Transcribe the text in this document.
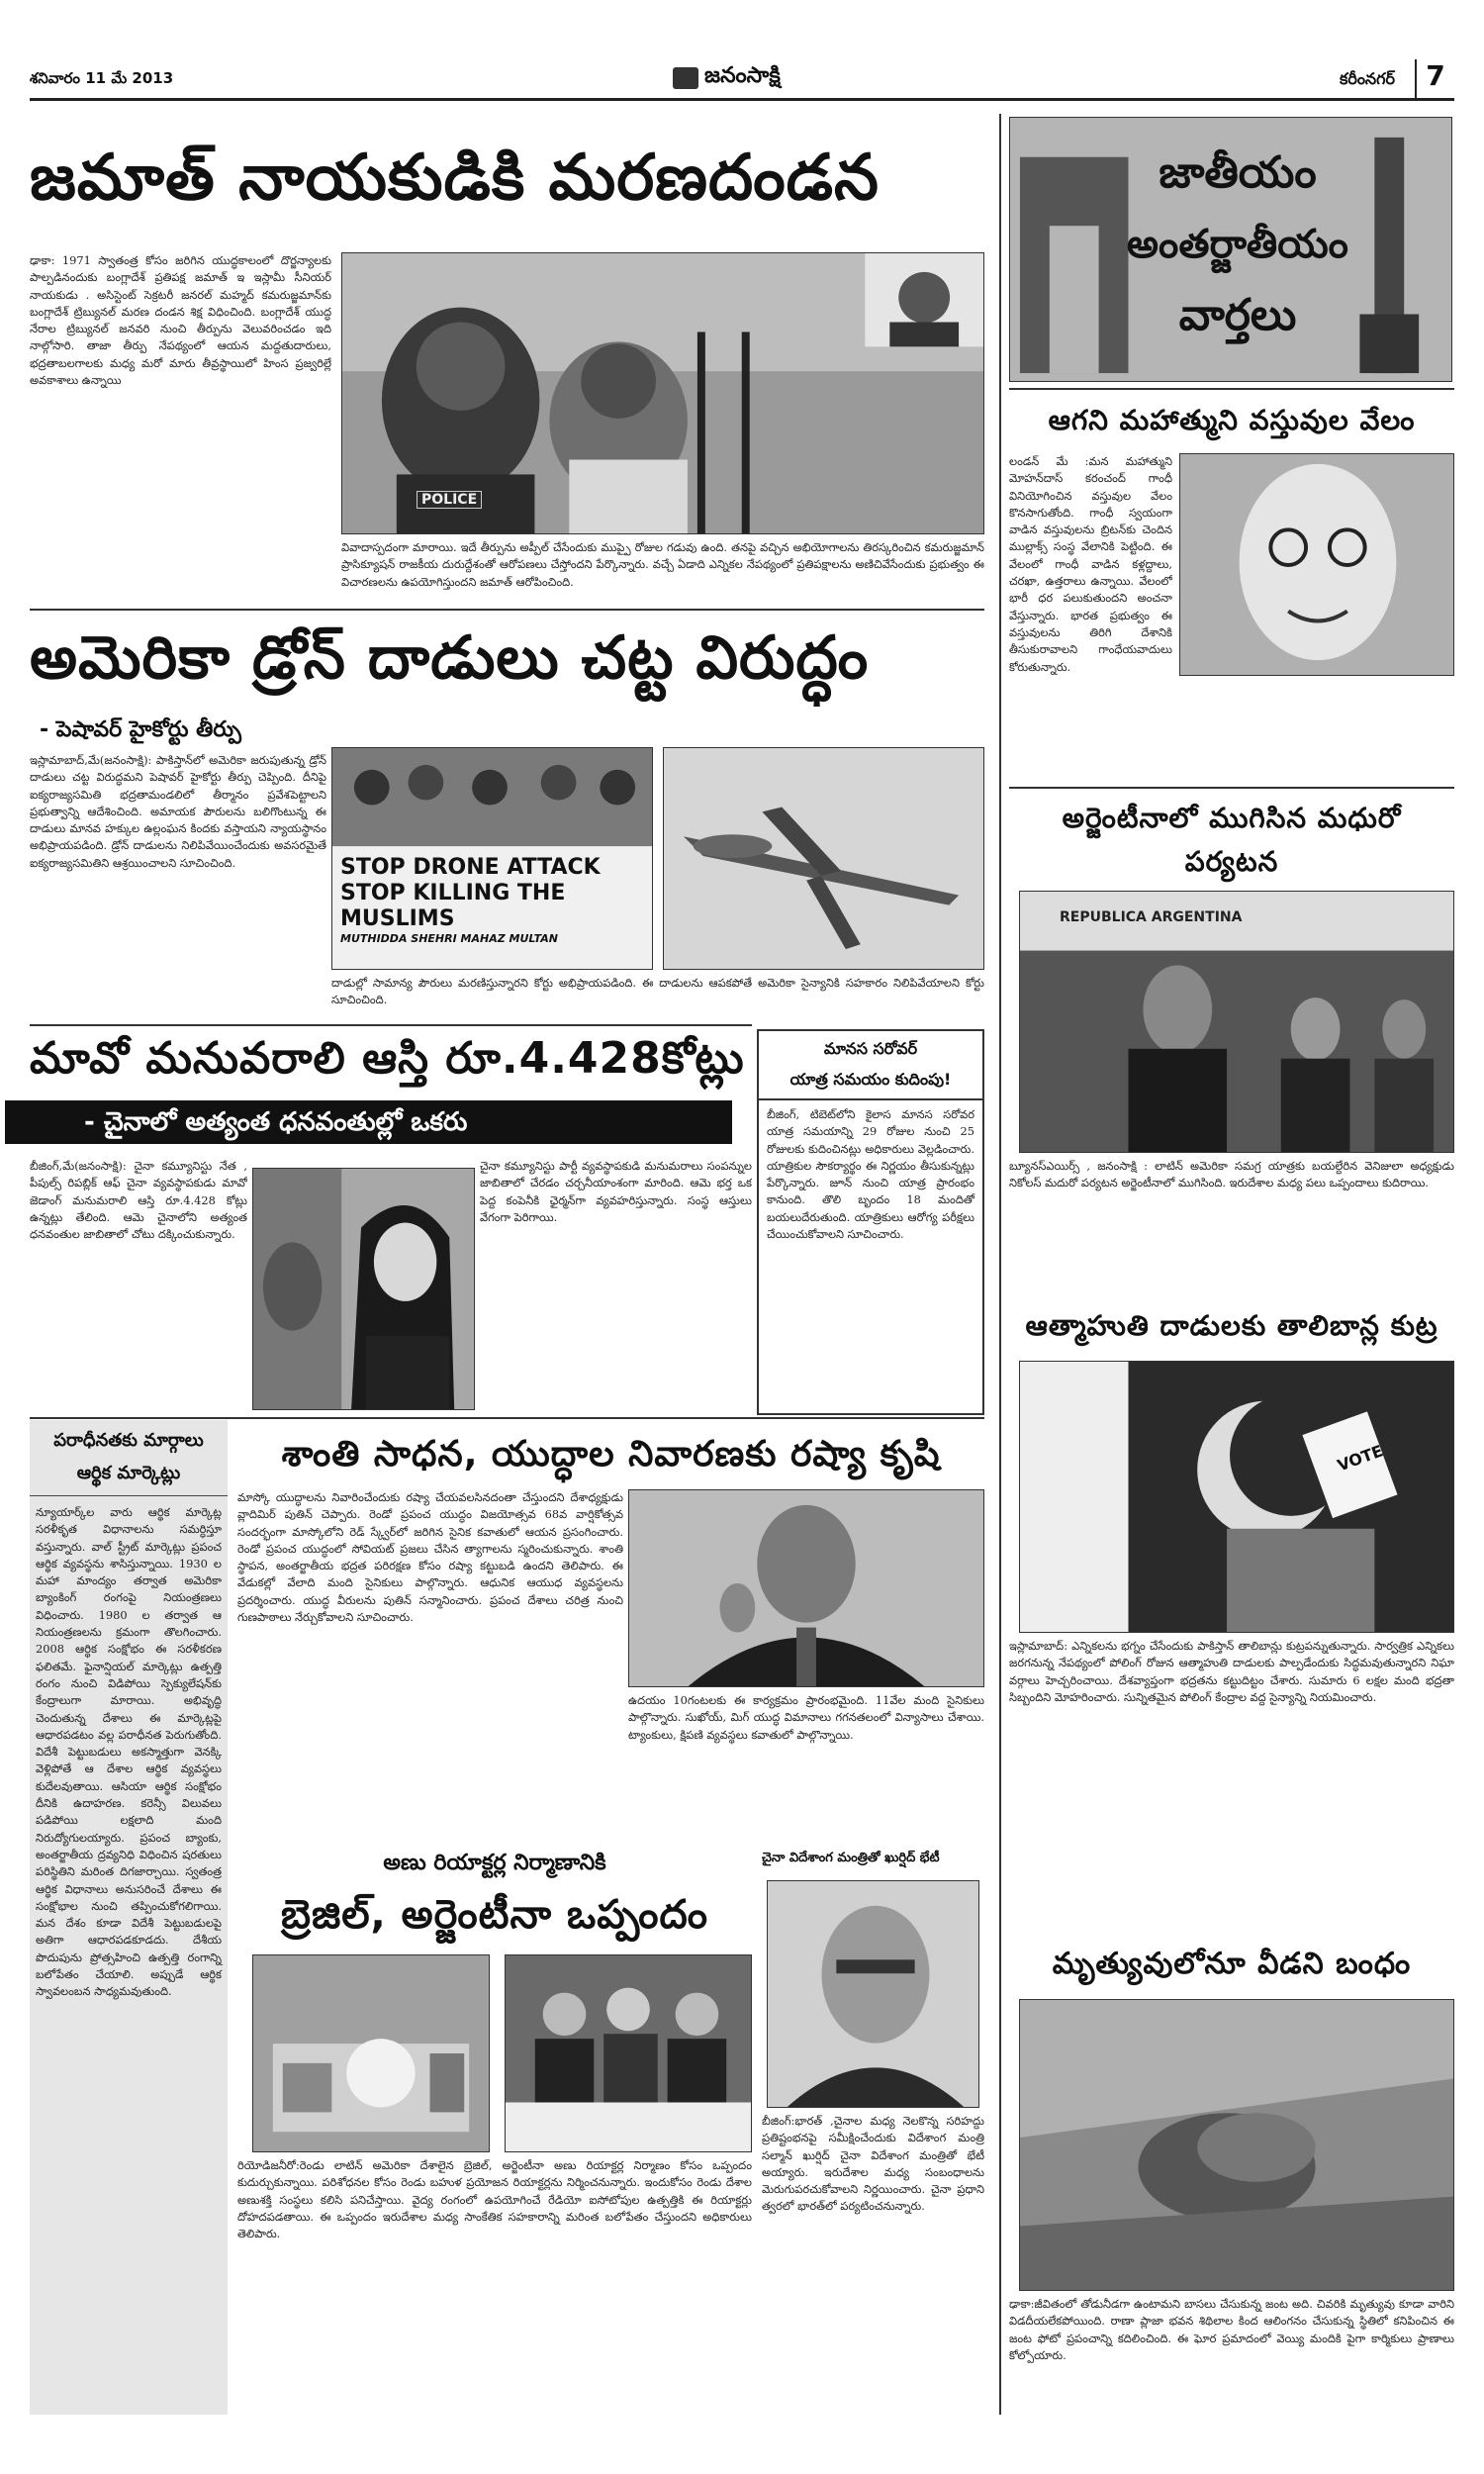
శనివారం 11 మే 2013	జనంసాక్షి	కరీంనగర్	7
జమాత్‌ నాయకుడికి మరణదండన
ఢాకా: 1971 స్వాతంత్ర కోసం జరిగిన యుద్ధకాలంలో దొర్జన్యాలకు పాల్పడినందుకు బంగ్లాదేశ్‌ ప్రతిపక్ష జమాత్‌ ఇ ఇస్లామీ సీనియర్‌ నాయకుడు . అసిస్టెంట్‌ సెక్రటరీ జనరల్‌ మహ్మద్‌ కమరుజ్జమాన్‌కు బంగ్లాదేశ్‌ ట్రిబ్యునల్‌ మరణ దండన శిక్ష విధించింది. బంగ్లాదేశ్‌ యుద్ధ నేరాల ట్రిబ్యునల్‌ జనవరి నుంచి తీర్పును వెలువరించడం ఇది నాల్గోసారి. తాజా తీర్పు నేపథ్యంలో ఆయన మద్దతుదారులు, భద్రతాబలగాలకు మధ్య మరో మారు తీవ్రస్థాయిలో హింస ప్రజ్వరిల్లే అవకాశాలు ఉన్నాయి
POLICE
వివాదాస్పదంగా మారాయి. ఇదే తీర్పును అప్పీల్‌ చేసేందుకు ముప్పై రోజుల గడువు ఉంది. తనపై వచ్చిన అభియోగాలను తిరస్కరించిన కమరుజ్జమాన్‌ ప్రాసిక్యూషన్‌ రాజకీయ దురుద్దేశంతో ఆరోపణలు చేస్తోందని పేర్కొన్నారు. వచ్చే ఏడాది ఎన్నికల నేపథ్యంలో ప్రతిపక్షాలను అణిచివేసేందుకు ప్రభుత్వం ఈ విచారణలను ఉపయోగిస్తుందని జమాత్‌ ఆరోపించింది.
అమెరికా డ్రోన్‌ దాడులు చట్ట విరుద్ధం
- పెషావర్‌ హైకోర్టు తీర్పు
ఇస్లామాబాద్‌,మే(జనంసాక్షి): పాకిస్తాన్‌లో అమెరికా జరుపుతున్న డ్రోన్‌ దాడులు చట్ట విరుద్ధమని పెషావర్‌ హైకోర్టు తీర్పు చెప్పింది. దీనిపై ఐక్యరాజ్యసమితి భద్రతామండలిలో తీర్మానం ప్రవేశపెట్టాలని ప్రభుత్వాన్ని ఆదేశించింది. అమాయక పౌరులను బలిగొంటున్న ఈ దాడులు మానవ హక్కుల ఉల్లంఘన కిందకు వస్తాయని న్యాయస్థానం అభిప్రాయపడింది. డ్రోన్‌ దాడులను నిలిపివేయించేందుకు అవసరమైతే ఐక్యరాజ్యసమితిని ఆశ్రయించాలని సూచించింది.	STOP DRONE ATTACK
STOP KILLING THE MUSLIMS
MUTHIDDA SHEHRI MAHAZ MULTAN
దాడుల్లో సామాన్య పౌరులు మరణిస్తున్నారని కోర్టు అభిప్రాయపడింది. ఈ దాడులను ఆపకపోతే అమెరికా సైన్యానికి సహకారం నిలిపివేయాలని కోర్టు సూచించింది.
మావో మనువరాలి ఆస్తి రూ.4.428కోట్లు
- చైనాలో అత్యంత ధనవంతుల్లో ఒకరు
బీజింగ్‌,మే(జనంసాక్షి): చైనా కమ్యూనిస్టు నేత , పీపుల్స్‌ రిపబ్లిక్‌ ఆఫ్‌ చైనా వ్యవస్థాపకుడు మావో జెడాంగ్‌ మనుమరాలి ఆస్తి రూ.4.428 కోట్లు ఉన్నట్లు తేలింది. ఆమె చైనాలోని అత్యంత ధనవంతుల జాబితాలో చోటు దక్కించుకున్నారు.
చైనా కమ్యూనిస్టు పార్టీ వ్యవస్థాపకుడి మనుమరాలు సంపన్నుల జాబితాలో చేరడం చర్చనీయాంశంగా మారింది. ఆమె భర్త ఒక పెద్ద కంపెనీకి ఛైర్మన్‌గా వ్యవహరిస్తున్నారు. సంస్థ ఆస్తులు వేగంగా పెరిగాయి.
మానస సరోవర్‌
యాత్ర సమయం కుదింపు!
బీజింగ్‌, టిబెట్‌లోని కైలాస మానస సరోవర యాత్ర సమయాన్ని 29 రోజుల నుంచి 25 రోజులకు కుదించినట్లు అధికారులు వెల్లడించారు. యాత్రికుల సౌకర్యార్థం ఈ నిర్ణయం తీసుకున్నట్లు పేర్కొన్నారు. జూన్‌ నుంచి యాత్ర ప్రారంభం కానుంది. తొలి బృందం 18 మందితో బయలుదేరుతుంది. యాత్రికులు ఆరోగ్య పరీక్షలు చేయించుకోవాలని సూచించారు.
పరాధీనతకు మార్గాలు
ఆర్థిక మార్కెట్లు
న్యూయార్క్‌ల వారు ఆర్థిక మార్కెట్ల సరళీకృత విధానాలను సమర్ధిస్తూ వస్తున్నారు. వాల్‌ స్ట్రీట్‌ మార్కెట్లు ప్రపంచ ఆర్థిక వ్యవస్థను శాసిస్తున్నాయి. 1930 ల మహా మాంద్యం తర్వాత అమెరికా బ్యాంకింగ్‌ రంగంపై నియంత్రణలు విధించారు. 1980 ల తర్వాత ఆ నియంత్రణలను క్రమంగా తొలగించారు. 2008 ఆర్థిక సంక్షోభం ఈ సరళీకరణ ఫలితమే. ఫైనాన్షియల్‌ మార్కెట్లు ఉత్పత్తి రంగం నుంచి విడిపోయి స్పెక్యులేషన్‌కు కేంద్రాలుగా మారాయి. అభివృద్ధి చెందుతున్న దేశాలు ఈ మార్కెట్లపై ఆధారపడటం వల్ల పరాధీనత పెరుగుతోంది. విదేశీ పెట్టుబడులు అకస్మాత్తుగా వెనక్కి వెళ్లిపోతే ఆ దేశాల ఆర్థిక వ్యవస్థలు కుదేలవుతాయి. ఆసియా ఆర్థిక సంక్షోభం దీనికి ఉదాహరణ. కరెన్సీ విలువలు పడిపోయి లక్షలాది మంది నిరుద్యోగులయ్యారు. ప్రపంచ బ్యాంకు, అంతర్జాతీయ ద్రవ్యనిధి విధించిన షరతులు పరిస్థితిని మరింత దిగజార్చాయి. స్వతంత్ర ఆర్థిక విధానాలు అనుసరించే దేశాలు ఈ సంక్షోభాల నుంచి తప్పించుకోగలిగాయి. మన దేశం కూడా విదేశీ పెట్టుబడులపై అతిగా ఆధారపడకూడదు. దేశీయ పొదుపును ప్రోత్సహించి ఉత్పత్తి రంగాన్ని బలోపేతం చేయాలి. అప్పుడే ఆర్థిక స్వావలంబన సాధ్యమవుతుంది.
శాంతి సాధన, యుద్ధాల నివారణకు రష్యా కృషి
మాస్కో యుద్ధాలను నివారించేందుకు రష్యా చేయవలసినదంతా చేస్తుందని దేశాధ్యక్షుడు వ్లాదిమిర్‌ పుతిన్‌ చెప్పారు. రెండో ప్రపంచ యుద్ధం విజయోత్సవ 68వ వార్షికోత్సవ సందర్భంగా మాస్కోలోని రెడ్‌ స్క్వేర్‌లో జరిగిన సైనిక కవాతులో ఆయన ప్రసంగించారు. రెండో ప్రపంచ యుద్ధంలో సోవియట్‌ ప్రజలు చేసిన త్యాగాలను స్మరించుకున్నారు. శాంతి స్థాపన, అంతర్జాతీయ భద్రత పరిరక్షణ కోసం రష్యా కట్టుబడి ఉందని తెలిపారు. ఈ వేడుకల్లో వేలాది మంది సైనికులు పాల్గొన్నారు. ఆధునిక ఆయుధ వ్యవస్థలను ప్రదర్శించారు. యుద్ధ వీరులను పుతిన్‌ సన్మానించారు. ప్రపంచ దేశాలు చరిత్ర నుంచి గుణపాఠాలు నేర్చుకోవాలని సూచించారు.
ఉదయం 10గంటలకు ఈ కార్యక్రమం ప్రారంభమైంది. 11వేల మంది సైనికులు పాల్గొన్నారు. సుఖోయ్‌, మిగ్‌ యుద్ధ విమానాలు గగనతలంలో విన్యాసాలు చేశాయి. ట్యాంకులు, క్షిపణి వ్యవస్థలు కవాతులో పాల్గొన్నాయి.
అణు రియాక్టర్ల నిర్మాణానికి
బ్రెజిల్‌, అర్జెంటీనా ఒప్పందం
రియోడిజనీరో:రెండు లాటిన్‌ అమెరికా దేశాలైన బ్రెజిల్‌, అర్జెంటీనా అణు రియాక్టర్ల నిర్మాణం కోసం ఒప్పందం కుదుర్చుకున్నాయి. పరిశోధనల కోసం రెండు బహుళ ప్రయోజన రియాక్టర్లను నిర్మించనున్నారు. ఇందుకోసం రెండు దేశాల అణుశక్తి సంస్థలు కలిసి పనిచేస్తాయి. వైద్య రంగంలో ఉపయోగించే రేడియో ఐసోటోపుల ఉత్పత్తికి ఈ రియాక్టర్లు దోహదపడతాయి. ఈ ఒప్పందం ఇరుదేశాల మధ్య సాంకేతిక సహకారాన్ని మరింత బలోపేతం చేస్తుందని అధికారులు తెలిపారు.
చైనా విదేశాంగ మంత్రితో ఖుర్షిద్‌ భేటీ
బీజింగ్‌:భారత్‌ ,చైనాల మధ్య నెలకొన్న సరిహద్దు ప్రతిష్టంభనపై సమీక్షించేందుకు విదేశాంగ మంత్రి సల్మాన్‌ ఖుర్షిద్‌ చైనా విదేశాంగ మంత్రితో భేటీ అయ్యారు. ఇరుదేశాల మధ్య సంబంధాలను మెరుగుపరచుకోవాలని నిర్ణయించారు. చైనా ప్రధాని త్వరలో భారత్‌లో పర్యటించనున్నారు.
జాతీయం
అంతర్జాతీయం
వార్తలు
ఆగని మహాత్ముని వస్తువుల వేలం
లండన్‌ మే :మన మహాత్ముని మోహన్‌దాస్‌ కరంచంద్‌ గాంధీ వినియోగించిన వస్తువుల వేలం కొనసాగుతోంది. గాంధీ స్వయంగా వాడిన వస్తువులను బ్రిటన్‌కు చెందిన ముల్లాక్స్‌ సంస్థ వేలానికి పెట్టింది. ఈ వేలంలో గాంధీ వాడిన కళ్లద్దాలు, చరఖా, ఉత్తరాలు ఉన్నాయి. వేలంలో భారీ ధర పలుకుతుందని అంచనా వేస్తున్నారు. భారత ప్రభుత్వం ఈ వస్తువులను తిరిగి దేశానికి తీసుకురావాలని గాంధేయవాదులు కోరుతున్నారు.
అర్జెంటీనాలో ముగిసిన మధురో
పర్యటన
REPUBLICA ARGENTINA
బ్యూనస్‌ఎయిర్స్‌ , జనంసాక్షి : లాటిన్‌ అమెరికా సమగ్ర యాత్రకు బయల్దేరిన వెనిజులా అధ్యక్షుడు నికోలస్‌ మదురో పర్యటన అర్జెంటీనాలో ముగిసింది. ఇరుదేశాల మధ్య పలు ఒప్పందాలు కుదిరాయి.
ఆత్మాహుతి దాడులకు తాలిబాన్ల కుట్ర
VOTE
ఇస్లామాబాద్‌: ఎన్నికలను భగ్నం చేసేందుకు పాకిస్తాన్‌ తాలిబాన్లు కుట్రపన్నుతున్నారు. సార్వత్రిక ఎన్నికలు జరగనున్న నేపథ్యంలో పోలింగ్‌ రోజున ఆత్మాహుతి దాడులకు పాల్పడేందుకు సిద్ధమవుతున్నారని నిఘా వర్గాలు హెచ్చరించాయి. దేశవ్యాప్తంగా భద్రతను కట్టుదిట్టం చేశారు. సుమారు 6 లక్షల మంది భద్రతా సిబ్బందిని మోహరించారు. సున్నితమైన పోలింగ్‌ కేంద్రాల వద్ద సైన్యాన్ని నియమించారు.
మృత్యువులోనూ వీడని బంధం
ఢాకా:జీవితంలో తోడునీడగా ఉంటామని బాసలు చేసుకున్న జంట అది. చివరికి మృత్యువు కూడా వారిని విడదీయలేకపోయింది. రాణా ప్లాజా భవన శిథిలాల కింద ఆలింగనం చేసుకున్న స్థితిలో కనిపించిన ఈ జంట ఫోటో ప్రపంచాన్ని కదిలించింది. ఈ ఘోర ప్రమాదంలో వెయ్యి మందికి పైగా కార్మికులు ప్రాణాలు కోల్పోయారు.
